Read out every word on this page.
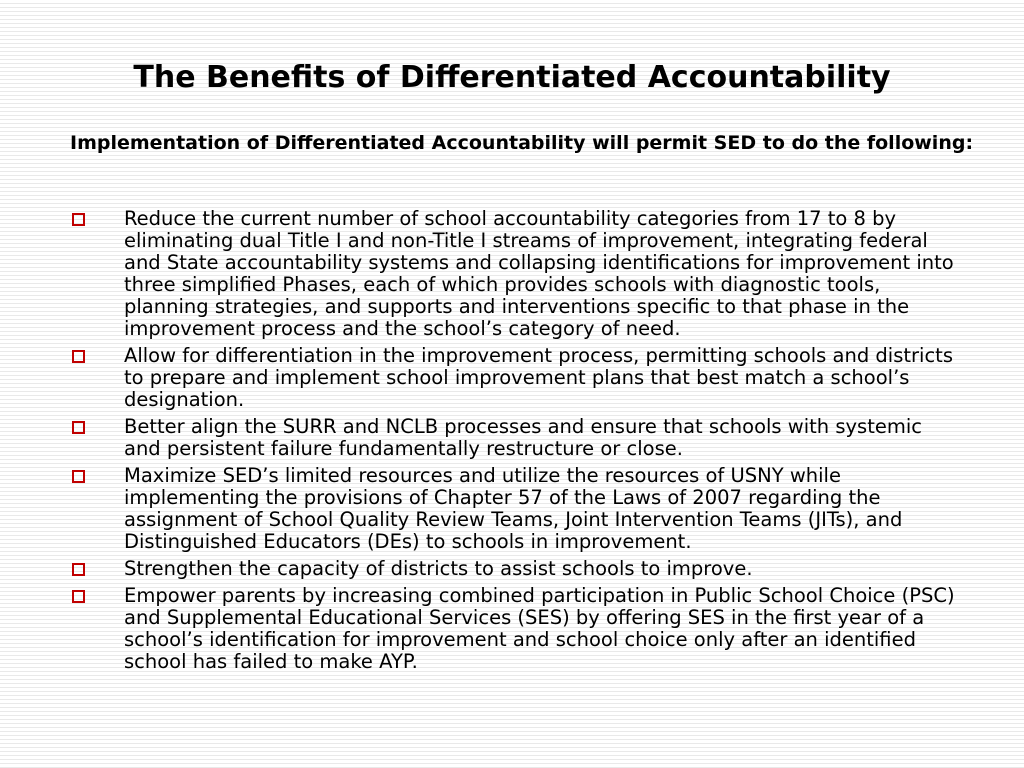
The Benefits of Differentiated Accountability

Implementation of Differentiated Accountability will permit SED to do the following:

Reduce the current number of school accountability categories from 17 to 8 by eliminating dual Title I and non-Title I streams of improvement, integrating federal and State accountability systems and collapsing identifications for improvement into three simplified Phases, each of which provides schools with diagnostic tools, planning strategies, and supports and interventions specific to that phase in the improvement process and the school’s category of need.
Allow for differentiation in the improvement process, permitting schools and districts to prepare and implement school improvement plans that best match a school’s designation.
Better align the SURR and NCLB processes and ensure that schools with systemic and persistent failure fundamentally restructure or close.
Maximize SED’s limited resources and utilize the resources of USNY while implementing the provisions of Chapter 57 of the Laws of 2007 regarding the assignment of School Quality Review Teams, Joint Intervention Teams (JITs), and Distinguished Educators (DEs) to schools in improvement.
Strengthen the capacity of districts to assist schools to improve.
Empower parents by increasing combined participation in Public School Choice (PSC) and Supplemental Educational Services (SES) by offering SES in the first year of a school’s identification for improvement and school choice only after an identified school has failed to make AYP.
